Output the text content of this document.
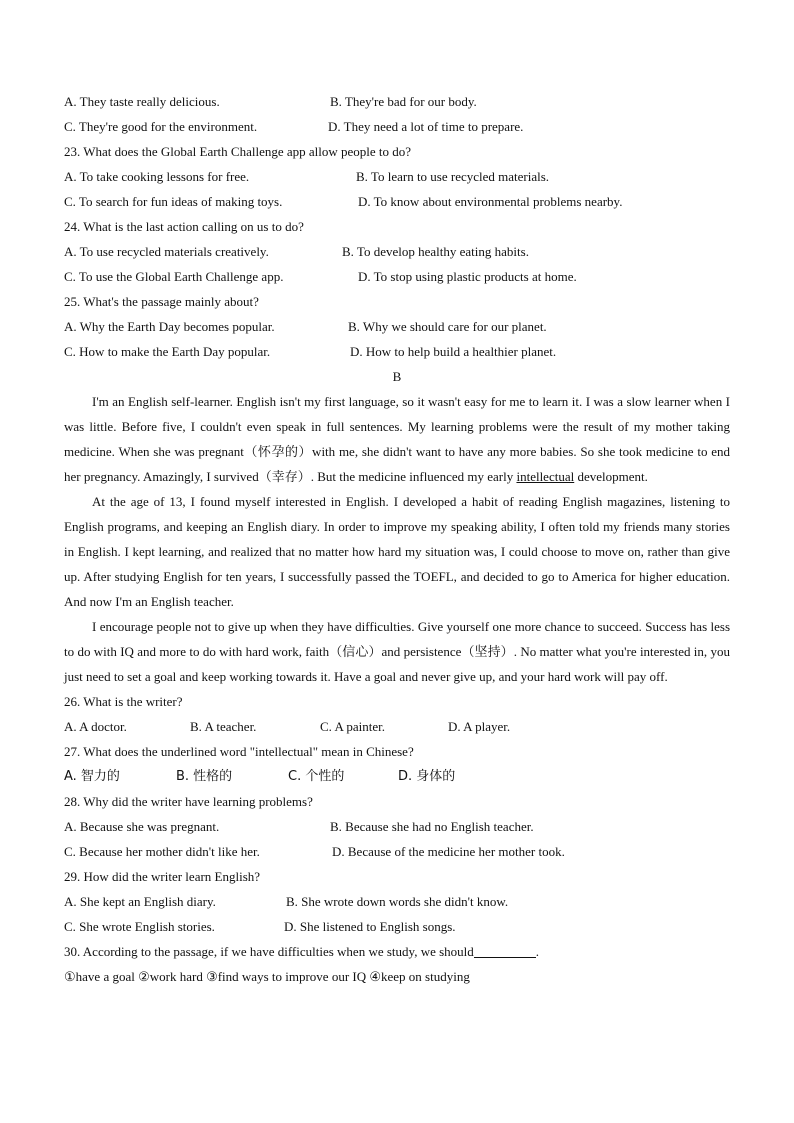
A. They taste really delicious.	B. They're bad for our body.
C. They're good for the environment.	D. They need a lot of time to prepare.
23. What does the Global Earth Challenge app allow people to do?
A. To take cooking lessons for free.	B. To learn to use recycled materials.
C. To search for fun ideas of making toys.	D. To know about environmental problems nearby.
24. What is the last action calling on us to do?
A. To use recycled materials creatively.	B. To develop healthy eating habits.
C. To use the Global Earth Challenge app.	D. To stop using plastic products at home.
25. What's the passage mainly about?
A. Why the Earth Day becomes popular.	B. Why we should care for our planet.
C. How to make the Earth Day popular.	D. How to help build a healthier planet.
B

I'm an English self-learner. English isn't my first language, so it wasn't easy for me to learn it. I was a slow learner when I was little. Before five, I couldn't even speak in full sentences. My learning problems were the result of my mother taking medicine. When she was pregnant（怀孕的）with me, she didn't want to have any more babies. So she took medicine to end her pregnancy. Amazingly, I survived（幸存）. But the medicine influenced my early intellectual development.

At the age of 13, I found myself interested in English. I developed a habit of reading English magazines, listening to English programs, and keeping an English diary. In order to improve my speaking ability, I often told my friends many stories in English. I kept learning, and realized that no matter how hard my situation was, I could choose to move on, rather than give up. After studying English for ten years, I successfully passed the TOEFL, and decided to go to America for higher education. And now I'm an English teacher.

I encourage people not to give up when they have difficulties. Give yourself one more chance to succeed. Success has less to do with IQ and more to do with hard work, faith（信心）and persistence（坚持）. No matter what you're interested in, you just need to set a goal and keep working towards it. Have a goal and never give up, and your hard work will pay off.

26. What is the writer?
A. A doctor.	B. A teacher.	C. A painter.	D. A player.
27. What does the underlined word "intellectual" mean in Chinese?
A. 智力的	B. 性格的	C. 个性的	D. 身体的
28. Why did the writer have learning problems?
A. Because she was pregnant.	B. Because she had no English teacher.
C. Because her mother didn't like her.	D. Because of the medicine her mother took.
29. How did the writer learn English?
A. She kept an English diary.	B. She wrote down words she didn't know.
C. She wrote English stories.	D. She listened to English songs.
30. According to the passage, if we have difficulties when we study, we should	.
①have a goal ②work hard ③find ways to improve our IQ ④keep on studying
